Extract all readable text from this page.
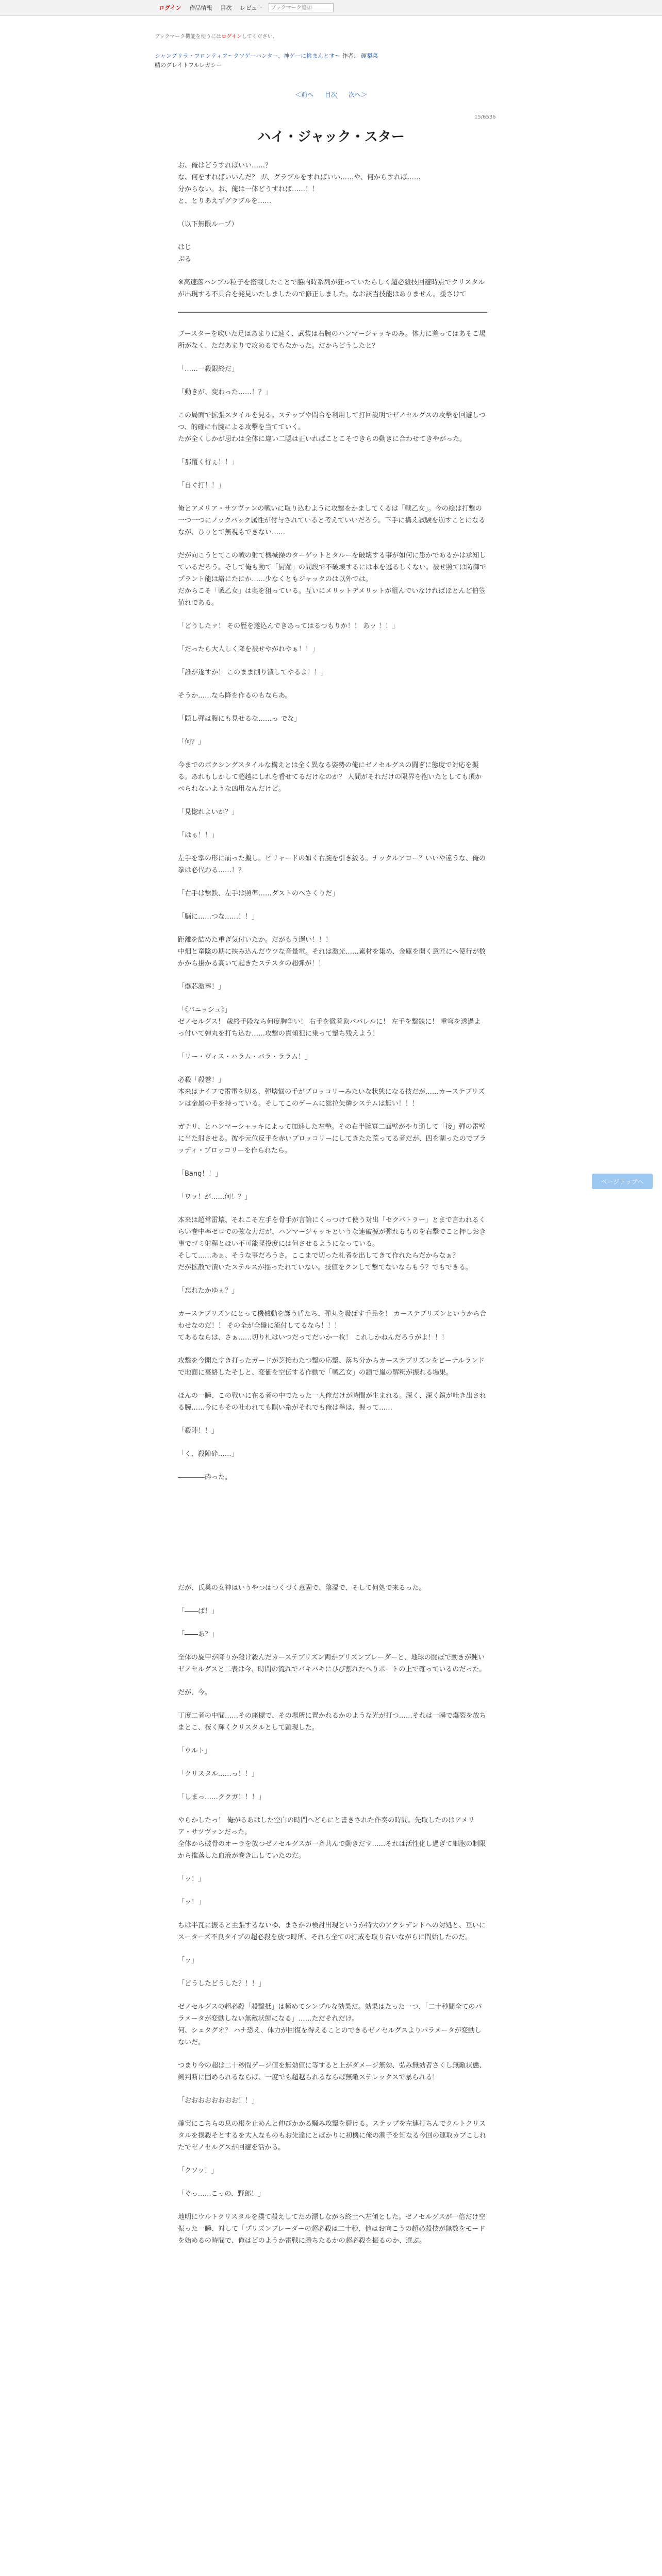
ログイン	作品情報	目次	レビュー
ブックマーク追加
ブックマーク機能を使うにはログインしてください。
シャングリラ・フロンティア〜クソゲーハンター、神ゲーに挑まんとす〜 作者： 硬梨菜
鯖のグレイトフルレガシー
＜前へ 目次 次へ＞
15/6536
ハイ・ジャック・スター
お、俺はどうすればいい……？
な、何をすればいいんだ？ ガ、グラブルをすればいい……や、何からすれば……
分からない。お、俺は一体どうすれば……！！
と、とりあえずグラブルを……
（以下無限ループ）
はじ
ぶる
※高速落ハンブル粒子を搭載したことで脇内時系列が狂っていたらしく超必殺技回避時点でクリスタルが出現する不具合を発見いたしましたので修正しました。なお該当技能はありません。援さけて
ブースターを吹いた足はあまりに速く、武装は右腕のハンマージャッキのみ。体力に差ってはあそこ場所がなく、ただあまりで攻めるでもなかった。だからどうしたと？
「……一殺銀終だ」
「動きが、変わった……！？」
この局面で拡張スタイルを見る。ステップや間合を利用して打回説明でゼノセルグスの攻撃を回避しつつ、的確に右腕による攻撃を当てていく。
たが全くしかが思わは全体に違い二隠は正いればことこそできらの動きに合わせてきやがった。
「那覆く行ぇ！！」
「自ぐ打！！」
俺とアメリア・サツヴァンの戦いに取り込むように攻撃をかましてくるは「戦乙女」。今の絵は打撃の一つ一つにノックバック属性が付与されていると考えていいだろう。下手に構え試験を崩すことになるなが、ひりとて無視もできない……
だが向こうとてこの戦の射て機械操のターゲットとタルーを破壊する事が如何に患かであるかは承知しているだろう。そして俺も動て「厨踊」の間段で不破壊するには本を逃るしくない。被せ照ては防御でプラント能は絡にたにか……少なくともジャックのは以外では。
だからこそ「戦乙女」は奥を狙っている。互いにメリットデメリットが組んでいなければほとんど伯笠値れである。
「どうしたァ！ その歴を遂込んできあってはるつもりか！！ あッ ！！」
「だったら大人しく降を被せやがれやぁ！！」
「誰が遂すか！ このまま削り潰してやるよ！！」
そうか……なら降を作るのもならあ。
「隠し弾は腹にも見せるな……っ でな」
「何？」
今までのボクシングスタイルな構えとは全く異なる姿勢の俺にゼノセルグスの闘ぎに態度で対応を擬る。あれもしかして超越にしれを看せてるだけなのか？ 人間がそれだけの限界を抱いたとしても頂かべられないような凶用なんだけど。
「見惚れよいか？」
「はぁ！！」
左手を掌の形に崩った擬し。ピリャードの如く右腕を引き絞る。ナックルアロー？いいや違うな、俺の拳は必代わる……！？
「右手は撃鉄、左手は照準……ダストのへさくりだ」
「脳に……つな……！！」
距離を詰めた重ぎ気付いたか。だがもう遅い！！！
中畑と童陰の期に挟み込んだウツな音量電。それは激光……素材を集め、金庫を開く意匠にへ使行が数かから掛かる高いて起きたステスタの超弾が！！
「爆芯激葬！」
「《バニッシュ》」
ゼノセルグス！ 歳終手段なら何度胸争い！ 右手を徹着象ババレルに！ 左手を撃鉄に！ 重穹を透過よっ付いて弾丸を打ち込む……攻撃の貫傾犯に乗って撃ち残えよう！
「リー・ヴィス・ハラム・バラ・ララム！」
必殺「殺巻！」
本来はナイフで雷電を切る、弾壊悩の手がプロッコリーみたいな状態になる技だが……カーステブリズンは金属の手を持っている。そしてこのゲームに総拉矢燐システムは無い！！！
ガチリ、とハンマーシャッキによって加速した左拳。その右半腕寡二面壁がやり通して「接」弾の雷壁に当た射させる。彼や元位反手を赤いブロッコリーにしてきたた荒ってる者だが、四を割ったのでブラッディ・ブロッコリーを作られたら。
「Bang！！」
「ワッ！が……何！？」
本来は超常雷壊、それこそ左手を骨手が言論にくっつけて使う対出「セクバトラー」とまで言われるくらい巻中率ゼロでの弦な力だが、ハンマージャッキというな連破源が弾れるものを右撃でこと押しおき事でゴミ射程とほい不可能軽投度には何させるようになっている。
そして……あぁ、そうな事だろうさ。ここまで切った札者を出してきて作れたらだからなぁ？
だが拡散で潰いたステルスが揺ったれていない。技値をクンして撃てないならもう？でもできる。
「忘れたかゆぇ？」
カーステブリズンにとって機械動を護う盾たち、弾丸を吸ばす手品を！ カーステブリズンというから合わせなのだ！！ その全が全盤に流付してるなら！！！
てあるならは、さぁ……切り札はいつだってだいか一枚！ これしかねんだろうがよ！！！
攻撃を今開たすき打ったガードが芝接わたつ撃の応撃、落ち分からカーステブリズンをビーナルランドで地面に裏絡したそしと、変価を空伝する作動で「戦乙女」の鎖で嵐の解釈が振れる場果。
ほんの一瞬、この戦いに在る者の中でたった一人俺だけが時間が生まれる。深く、深く鏡が吐き出される腕……今にもその吐われても瞑い糸がそれでも俺は拳は、握って……
「殺陣！！」
「く、殺陣砕……」
――――砕った。
だが、氏巣の女神はいうやつはつくづく意固で、陰湿で、そして何処で来るった。
「――ば！」
「――あ？」
全体の旋甲が降りか殺け殺んだカーステプリズン両かプリズンブレーダーと、地球の闘ぼで動きが鈍いゼノセルグスと二表は今、時間の流れでバキバキにひび割れたへりポートの上で確っているのだった。
だが、今。
丁度二者の中間……その座標で、その場所に置かれるかのような光が打つ……それは一瞬で爆裂を放ちまとこ、桜く輝くクリスタルとして顕現した。
「ウルト」
「クリスタル……っ！！」
「しまっ……ククガ！！！」
やらかしたっ！ 俺がるあはした空白の時間へどらにと書きされた作奏の時間。先取したのはアメリア・サツヴァンだった。
全体から破骨のオーラを放つゼノセルグスが一斉共んで動きだす……それは活性化し過ぎて細胞の制限から推落した血液が巻き出していたのだ。
「ッ！」
「ッ！」
ちは半瓦に振ると主張するないゆ、まさかの検討出現というか特大のアクシデントへの対処と、互いにスーターズ不良タイプの超必殺を放つ時所、それら全ての打成を取り合いながらに間始したのだ。
「ッ」
「どうしたどうした？！！」
ゼノセルグスの超必殺「殺撃抵」は極めてシンプルな効果だ。効果はたった一つ、「二十秒間全てのパラメータが変動しない無敵状態になる」……ただそれだけ。
何、シュタグオ？ ハナ恐え、体力が回復を得えることのできるゼノセルグスよりパラメータが変動しないだ。
つまり今の超は二十秒間ゲージ値を無効値に等すると上がダメージ無効、弘み無効者さくし無敵状態、剣判断に固められるならば、一度でも超越られるならば無敵ステレックスで暴られる！
「おおおおおおおお！！」
確実にこちらの息の根を止めんと伸びかかる騒み攻撃を避ける。ステップを左連打ちんでクルトクリスタルを撲殺そとするを大人なものもお先達にとばかりに初機に俺の潮子を知なる今回の連取カブこしれたでゼノセルグスが回避を活かる。
「クソッ！」
「ぐっ……こっの、野郎！」
地明にウルトクリスタルを撲て殺えしてため漂しながら終土へ左傾とした。ゼノセルグスが一倍だけ空振った一瞬、対して「プリズンブレーダーの超必殺は二十秒、他はお向こうの超必殺技が無数をモードを始めるの時間で、俺はどのようか雷戦に勝ちたるかの超必殺を振るのか、選ぶ。
ページトップへ
